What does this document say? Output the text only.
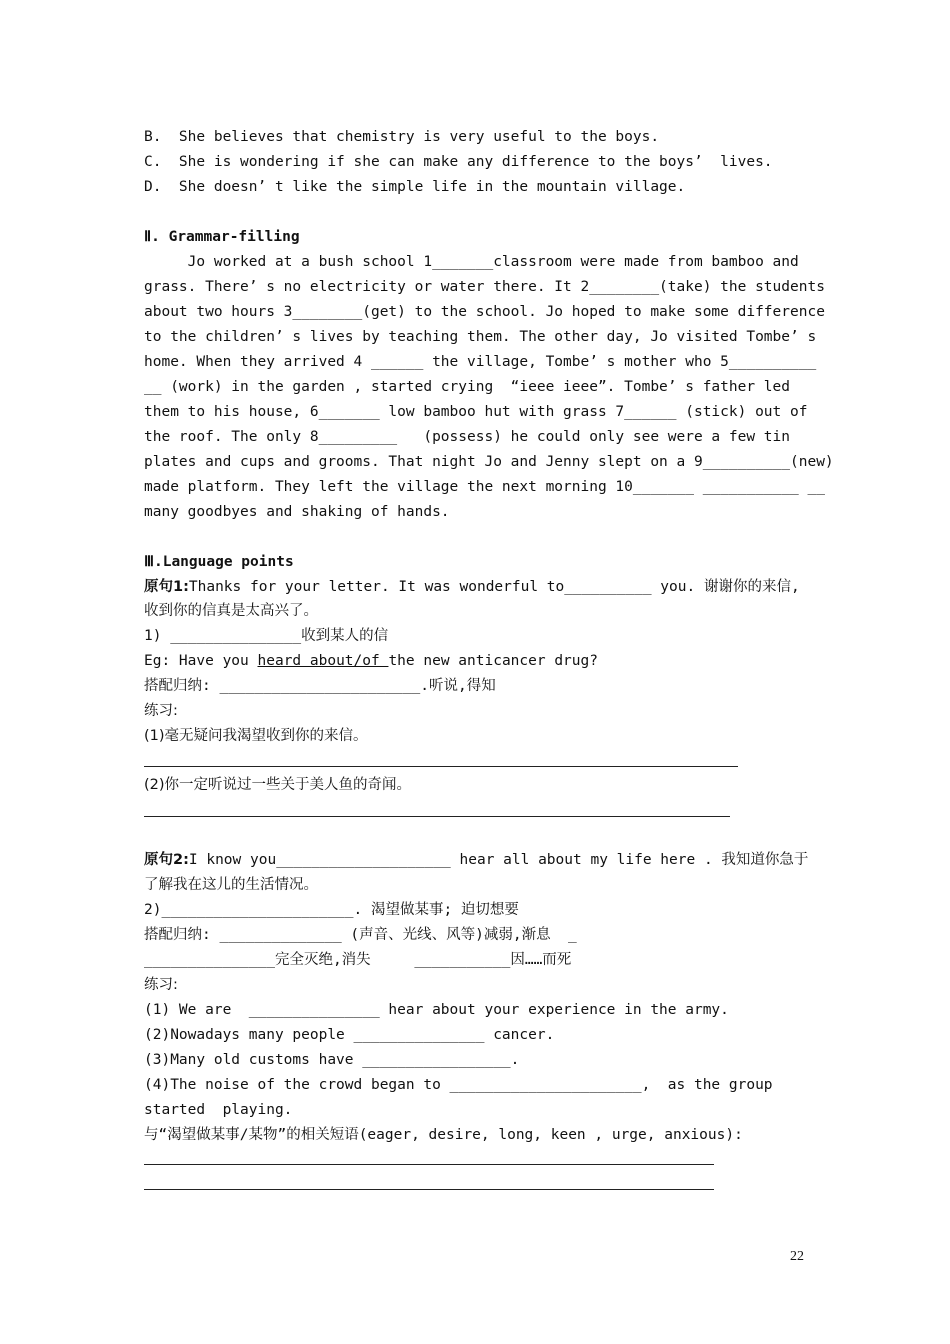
B.  She believes that chemistry is very useful to the boys.
C.  She is wondering if she can make any difference to the boys’  lives.
D.  She doesn’ t like the simple life in the mountain village.
Ⅱ. Grammar-filling
Jo worked at a bush school 1_______classroom were made from bamboo and
grass. There’ s no electricity or water there. It 2________(take) the students
about two hours 3________(get) to the school. Jo hoped to make some difference
to the children’ s lives by teaching them. The other day, Jo visited Tombe’ s
home. When they arrived 4 ______ the village, Tombe’ s mother who 5__________
__ (work) in the garden , started crying  “ieee ieee”. Tombe’ s father led
them to his house, 6_______ low bamboo hut with grass 7______ (stick) out of
the roof. The only 8_________   (possess) he could only see were a few tin
plates and cups and grooms. That night Jo and Jenny slept on a 9__________(new)
made platform. They left the village the next morning 10_______ ___________ __
many goodbyes and shaking of hands.
Ⅲ.Language points
原句1:Thanks for your letter. It was wonderful to__________ you. 谢谢你的来信,
收到你的信真是太高兴了。
1) _______________收到某人的信
Eg: Have you heard about/of the new anticancer drug?
搭配归纳: _______________________.听说,得知
练习:
(1)毫无疑问我渴望收到你的来信。
(2)你一定听说过一些关于美人鱼的奇闻。
原句2:I know you____________________ hear all about my life here . 我知道你急于
了解我在这儿的生活情况。
2)______________________. 渴望做某事; 迫切想要
搭配归纳: ______________ (声音、光线、风等)减弱,渐息  _
_______________完全灭绝,消失     ___________因……而死
练习:
(1) We are  _______________ hear about your experience in the army.
(2)Nowadays many people _______________ cancer.
(3)Many old customs have _________________.
(4)The noise of the crowd began to ______________________,  as the group
started  playing.
与“渴望做某事/某物”的相关短语(eager, desire, long, keen , urge, anxious):
22
